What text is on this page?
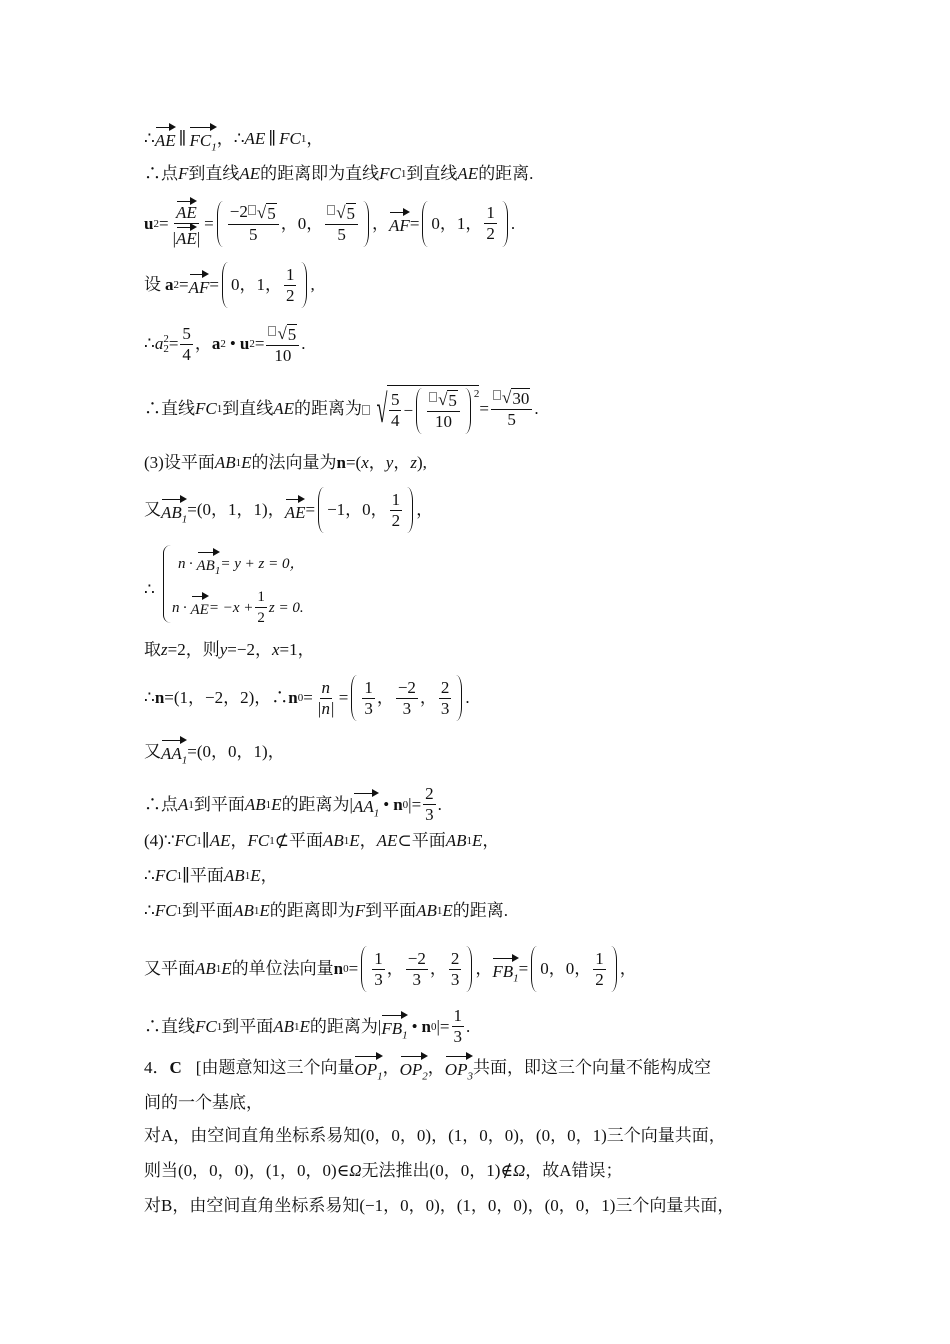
∴ AE ∥ $FC_1$ ， ∴ AE ∥ FC 1 ，
∴点 F 到直线 AE 的距离即为直线 FC 1 到直线 AE 的距离.
u $2 = \frac{AE}{|AE|} = \frac{-2 √ 5}{5}$ ， 0 ， $\frac{√ 5}{5}$ ， AF = 0 ， 1 ， $\frac{1}{2}$ .
设 a 2 = AF = 0 ， 1 ， $\frac{1}{2}$ ,
∴ a 2
$2 = \frac{5}{4}$ ， a 2 • u $2 = \frac{√ 5}{10}$ .
∴直线 FC 1 到直线 AE 的距离为 √ $\frac{5}{4} - \frac{√ 5}{10} 2$
= $\frac{√ 30}{5}$ .
(3)设平面 AB 1 E 的法向量为 n =( x ， y ， z ),
又 $AB_1 =(0$，1，1)， AE = −1 ， 0 ， $\frac{1}{2}$ ，
$n \cdot AB_1 = y + z = 0$，
∴
n · AE = $-x + \frac{1}{2}$ z = 0.
取 z =2，则 y =−2， x =1，
∴ n =(1，−2，2)，∴ n $0 = \frac{n}{|n|} = \frac{1}{3}$ ， $\frac{-2}{3}$ ， $\frac{2}{3}$ .
又 $AA_1 =(0$，0，1)，
∴点 A 1 到平面 AB 1 E 的距离为| $AA_1$ • n 0 |= $\frac{2}{3}$ .
(4)∵ FC 1 ∥ AE ， FC 1 ⊄平面 AB 1 E ， AE ⊂平面 AB 1 E ，
∴ FC 1 ∥平面 AB 1 E ，
∴ FC 1 到平面 AB 1 E 的距离即为 F 到平面 AB 1 E 的距离.
又平面 AB 1 E 的单位法向量 n $0 = \frac{1}{3}$ ， $\frac{-2}{3}$ ， $\frac{2}{3}$ ， $FB_1 = 0$ ， 0 ， $\frac{1}{2}$ ，
∴直线 FC 1 到平面 AB 1 E 的距离为| $FB_1$ • n 0 |= $\frac{1}{3}$ .
4． C [由题意知这三个向量 $OP_1$ ， $OP_2$ ， $OP_3$ 共面，即这三个向量不能构成空
间的一个基底，
对A，由空间直角坐标系易知(0，0，0)，(1，0，0)，(0，0，1)三个向量共面，
则当(0，0，0)，(1，0，0)∈ Ω 无法推出(0，0，1)∉ Ω ，故A错误；
对B，由空间直角坐标系易知(−1，0，0)，(1，0，0)，(0，0，1)三个向量共面，
